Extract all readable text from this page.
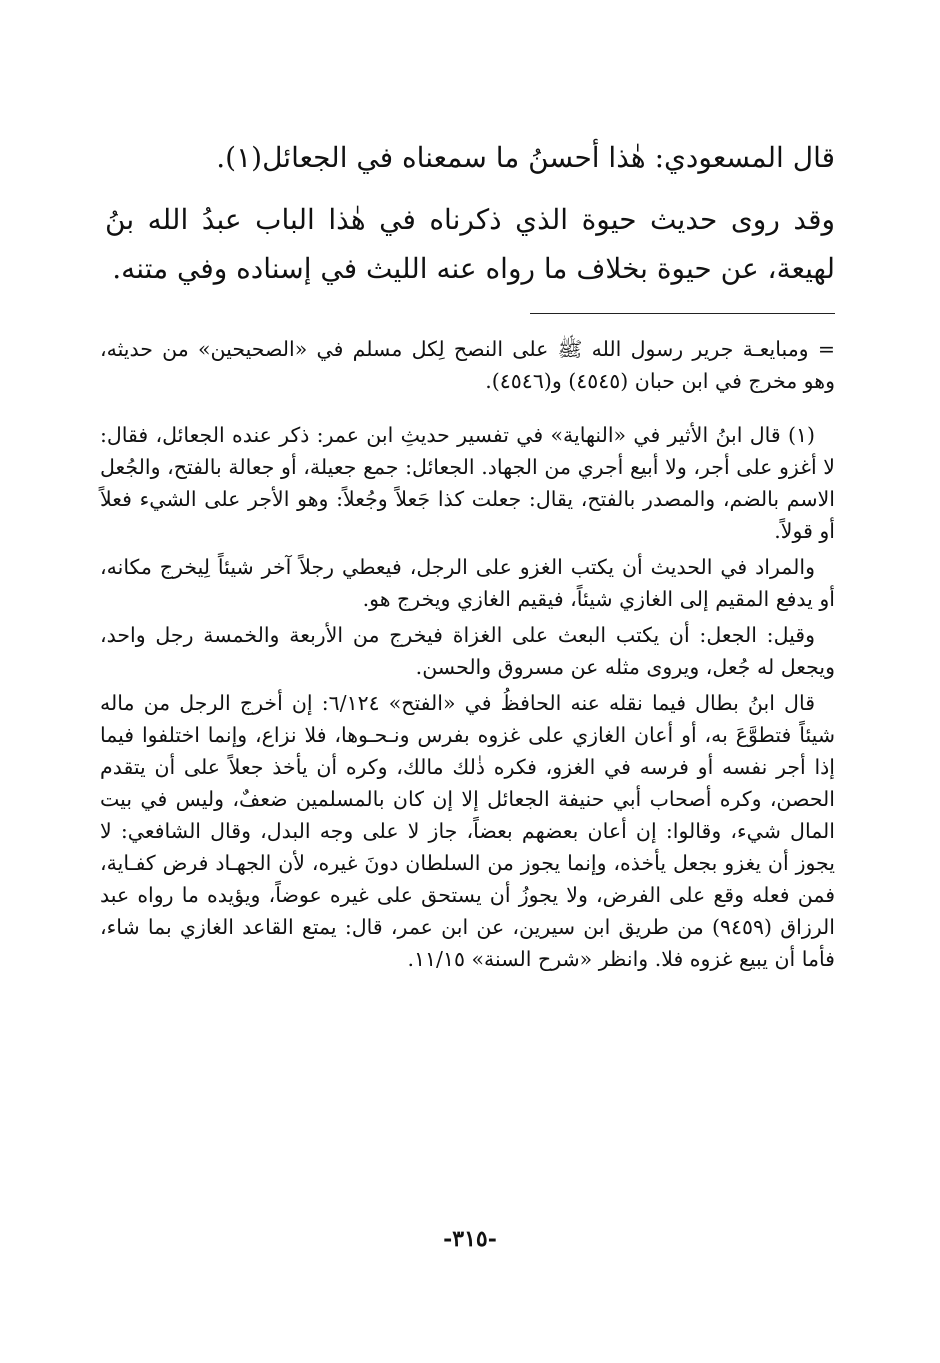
قال المسعودي: هٰذا أحسنُ ما سمعناه في الجعائل(١).
وقد روى حديث حيوة الذي ذكرناه في هٰذا الباب عبدُ الله بنُ
لهيعة، عن حيوة بخلاف ما رواه عنه الليث في إسناده وفي متنه.

= ومبايعـة جرير رسول الله ﷺ على النصح لِكل مسلم في «الصحيحين» من حديثه، وهو مخرج في ابن حبان (٤٥٤٥) و(٤٥٤٦).

(١) قال ابنُ الأثير في «النهاية» في تفسير حديثِ ابن عمر: ذكر عنده الجعائل، فقال: لا أغزو على أجر، ولا أبيع أجري من الجهاد. الجعائل: جمع جعيلة، أو جعالة بالفتح، والجُعل الاسم بالضم، والمصدر بالفتح، يقال: جعلت كذا جَعلاً وجُعلاً: وهو الأجر على الشيء فعلاً أو قولاً.

والمراد في الحديث أن يكتب الغزو على الرجل، فيعطي رجلاً آخر شيئاً لِيخرج مكانه، أو يدفع المقيم إلى الغازي شيئاً، فيقيم الغازي ويخرج هو.

وقيل: الجعل: أن يكتب البعث على الغزاة فيخرج من الأربعة والخمسة رجل واحد، ويجعل له جُعل، ويروى مثله عن مسروق والحسن.

قال ابنُ بطال فيما نقله عنه الحافظُ في «الفتح» ٦/١٢٤: إن أخرج الرجل من ماله شيئاً فتطوَّعَ به، أو أعان الغازي على غزوه بفرس ونـحـوها، فلا نزاع، وإنما اختلفوا فيما إذا أجر نفسه أو فرسه في الغزو، فكره ذٰلك مالك، وكره أن يأخذ جعلاً على أن يتقدم الحصن، وكره أصحاب أبي حنيفة الجعائل إلا إن كان بالمسلمين ضعفٌ، وليس في بيت المال شيء، وقالوا: إن أعان بعضهم بعضاً، جاز لا على وجه البدل، وقال الشافعي: لا يجوز أن يغزو بجعل يأخذه، وإنما يجوز من السلطان دونَ غيره، لأن الجهـاد فرض كفـاية، فمن فعله وقع على الفرض، ولا يجوزُ أن يستحق على غيره عوضاً، ويؤيده ما رواه عبد الرزاق (٩٤٥٩) من طريق ابن سيرين، عن ابن عمر، قال: يمتع القاعد الغازي بما شاء، فأما أن يبيع غزوه فلا. وانظر «شرح السنة» ١١/١٥.

-٣١٥-
